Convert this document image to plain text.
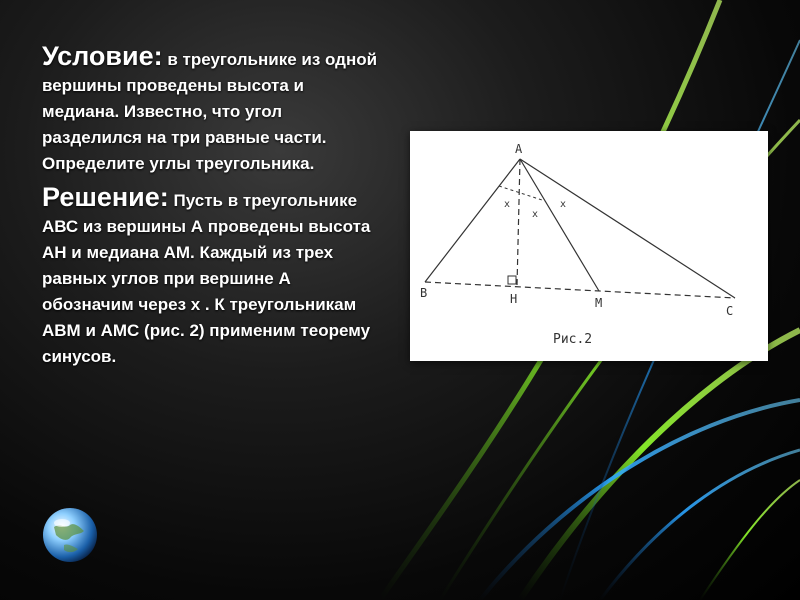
Условие: в треугольнике из одной вершины проведены высота и медиана. Известно, что угол разделился на три равные части. Определите углы треугольника.

Решение: Пусть в треугольнике АВС из вершины А проведены высота AH и медиана АМ. Каждый из трех равных углов при вершине А обозначим через x . К треугольникам АВМ и АМС (рис. 2) применим теорему синусов.

A
B	H	M
C
x
x
x
Рис.2
